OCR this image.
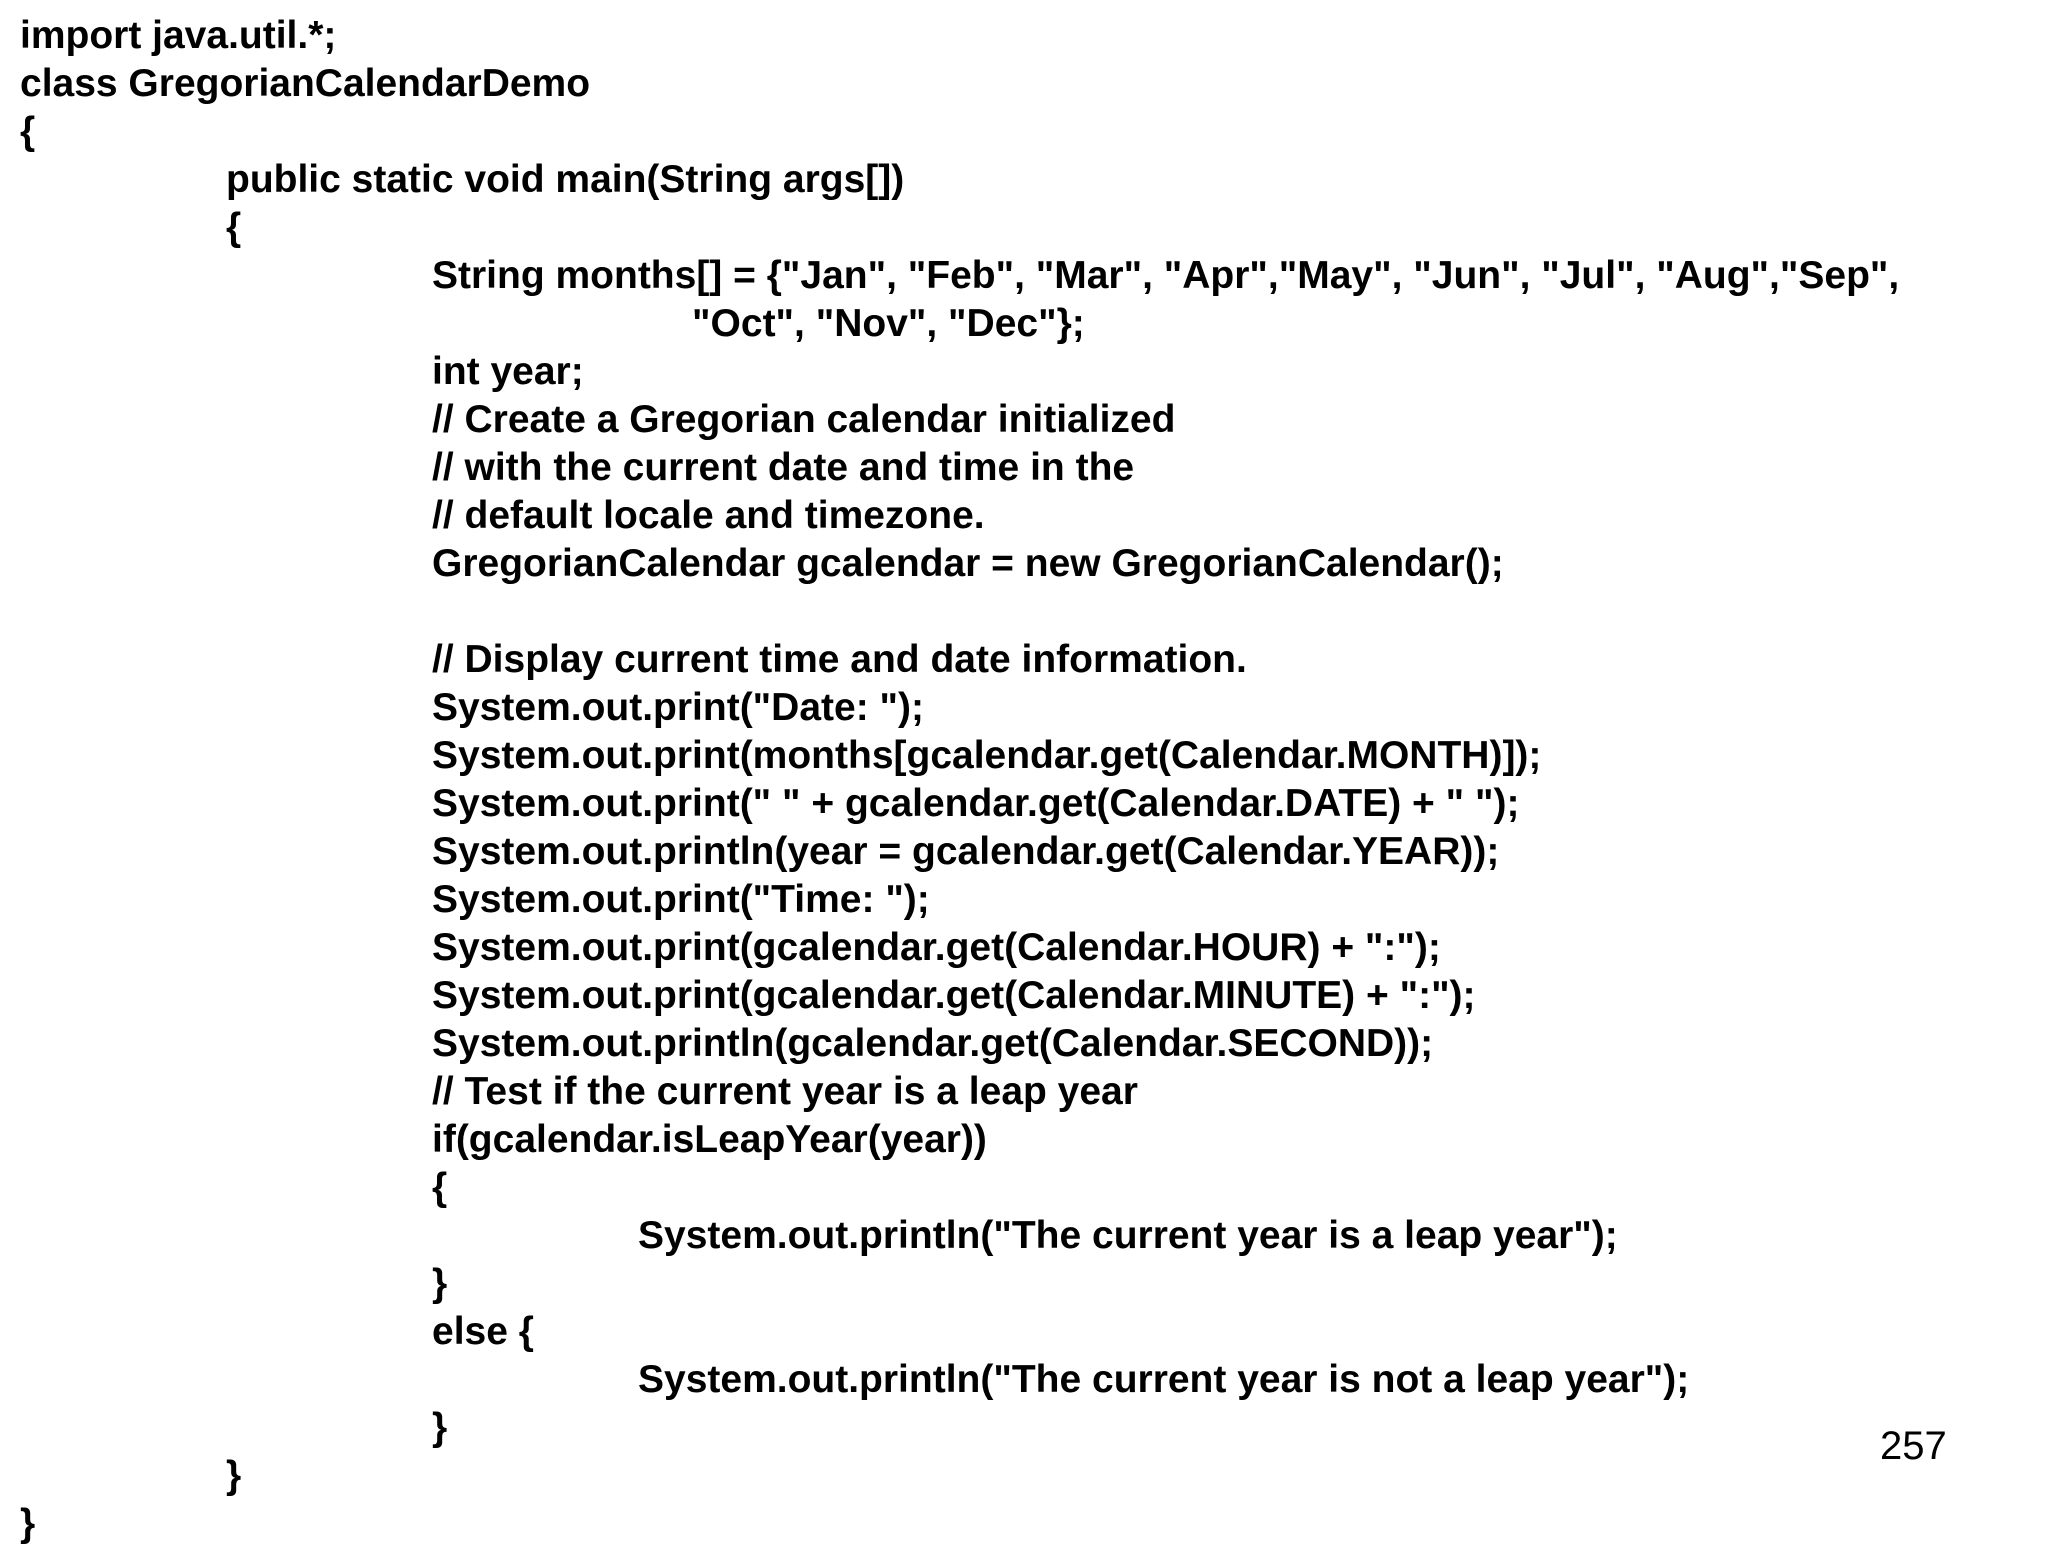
import java.util.*;
class GregorianCalendarDemo
{
public static void main(String args[])
{
String months[] = {"Jan", "Feb", "Mar", "Apr","May", "Jun", "Jul", "Aug","Sep",
"Oct", "Nov", "Dec"};
int year;
// Create a Gregorian calendar initialized
// with the current date and time in the
// default locale and timezone.
GregorianCalendar gcalendar = new GregorianCalendar();
// Display current time and date information.
System.out.print("Date: ");
System.out.print(months[gcalendar.get(Calendar.MONTH)]);
System.out.print(" " + gcalendar.get(Calendar.DATE) + " ");
System.out.println(year = gcalendar.get(Calendar.YEAR));
System.out.print("Time: ");
System.out.print(gcalendar.get(Calendar.HOUR) + ":");
System.out.print(gcalendar.get(Calendar.MINUTE) + ":");
System.out.println(gcalendar.get(Calendar.SECOND));
// Test if the current year is a leap year
if(gcalendar.isLeapYear(year))
{
System.out.println("The current year is a leap year");
}
else {
System.out.println("The current year is not a leap year");
}
}
}
257
